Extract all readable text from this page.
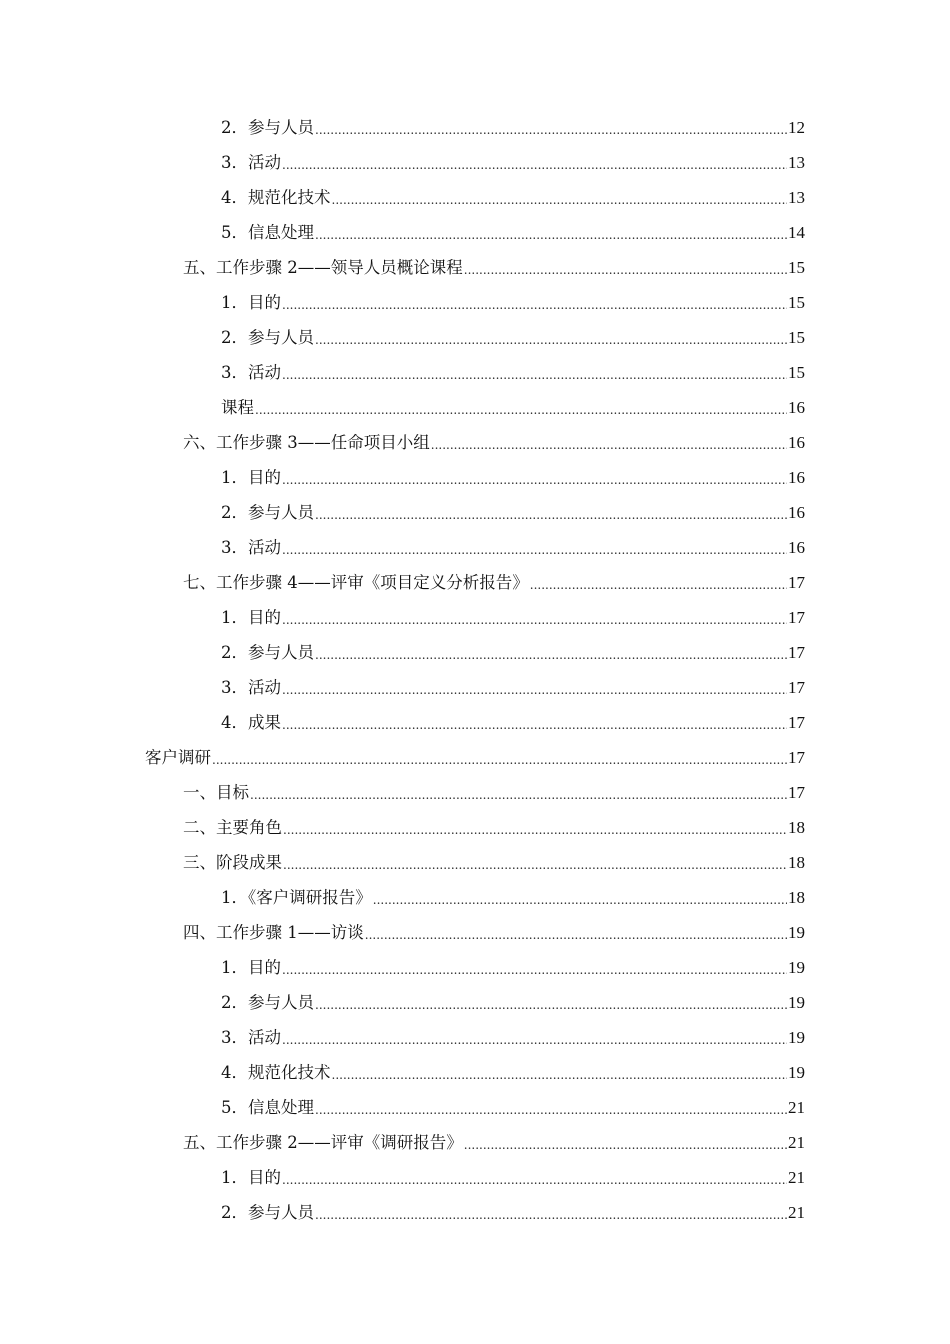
2．参与人员 .....	12
3．活动 .....	13
4．规范化技术 .....	13
5．信息处理 .....	14
五、工作步骤 2——领导人员概论课程 .....	15
1．目的 .....	15
2．参与人员 .....	15
3．活动 .....	15
课程 .....	16
六、工作步骤 3——任命项目小组 .....	16
1．目的 .....	16
2．参与人员 .....	16
3．活动 .....	16
七、工作步骤 4——评审《项目定义分析报告》 .....	17
1．目的 .....	17
2．参与人员 .....	17
3．活动 .....	17
4．成果 .....	17
客户调研 .....	17
一、目标 .....	17
二、主要角色 .....	18
三、阶段成果 .....	18
1．《客户调研报告》 .....	18
四、工作步骤 1——访谈 .....	19
1．目的 .....	19
2．参与人员 .....	19
3．活动 .....	19
4．规范化技术 .....	19
5．信息处理 .....	21
五、工作步骤 2——评审《调研报告》 .....	21
1．目的 .....	21
2．参与人员 .....	21
